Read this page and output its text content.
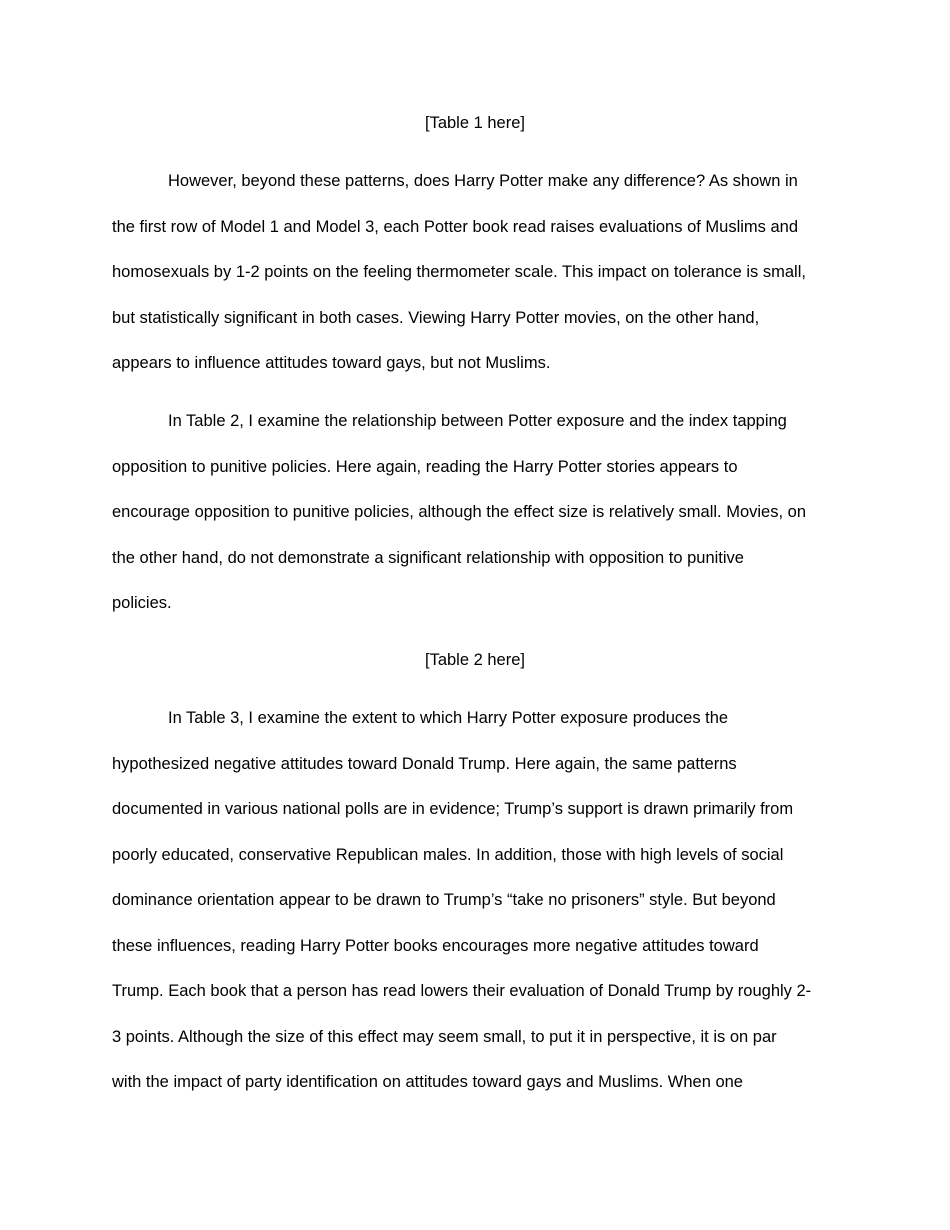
[Table 1 here]

However, beyond these patterns, does Harry Potter make any difference? As shown in
the first row of Model 1 and Model 3, each Potter book read raises evaluations of Muslims and
homosexuals by 1-2 points on the feeling thermometer scale. This impact on tolerance is small,
but statistically significant in both cases. Viewing Harry Potter movies, on the other hand,
appears to influence attitudes toward gays, but not Muslims.
In Table 2, I examine the relationship between Potter exposure and the index tapping
opposition to punitive policies. Here again, reading the Harry Potter stories appears to
encourage opposition to punitive policies, although the effect size is relatively small. Movies, on
the other hand, do not demonstrate a significant relationship with opposition to punitive
policies.

[Table 2 here]

In Table 3, I examine the extent to which Harry Potter exposure produces the
hypothesized negative attitudes toward Donald Trump. Here again, the same patterns
documented in various national polls are in evidence; Trump’s support is drawn primarily from
poorly educated, conservative Republican males. In addition, those with high levels of social
dominance orientation appear to be drawn to Trump’s “take no prisoners” style. But beyond
these influences, reading Harry Potter books encourages more negative attitudes toward
Trump. Each book that a person has read lowers their evaluation of Donald Trump by roughly 2-
3 points. Although the size of this effect may seem small, to put it in perspective, it is on par
with the impact of party identification on attitudes toward gays and Muslims. When one
